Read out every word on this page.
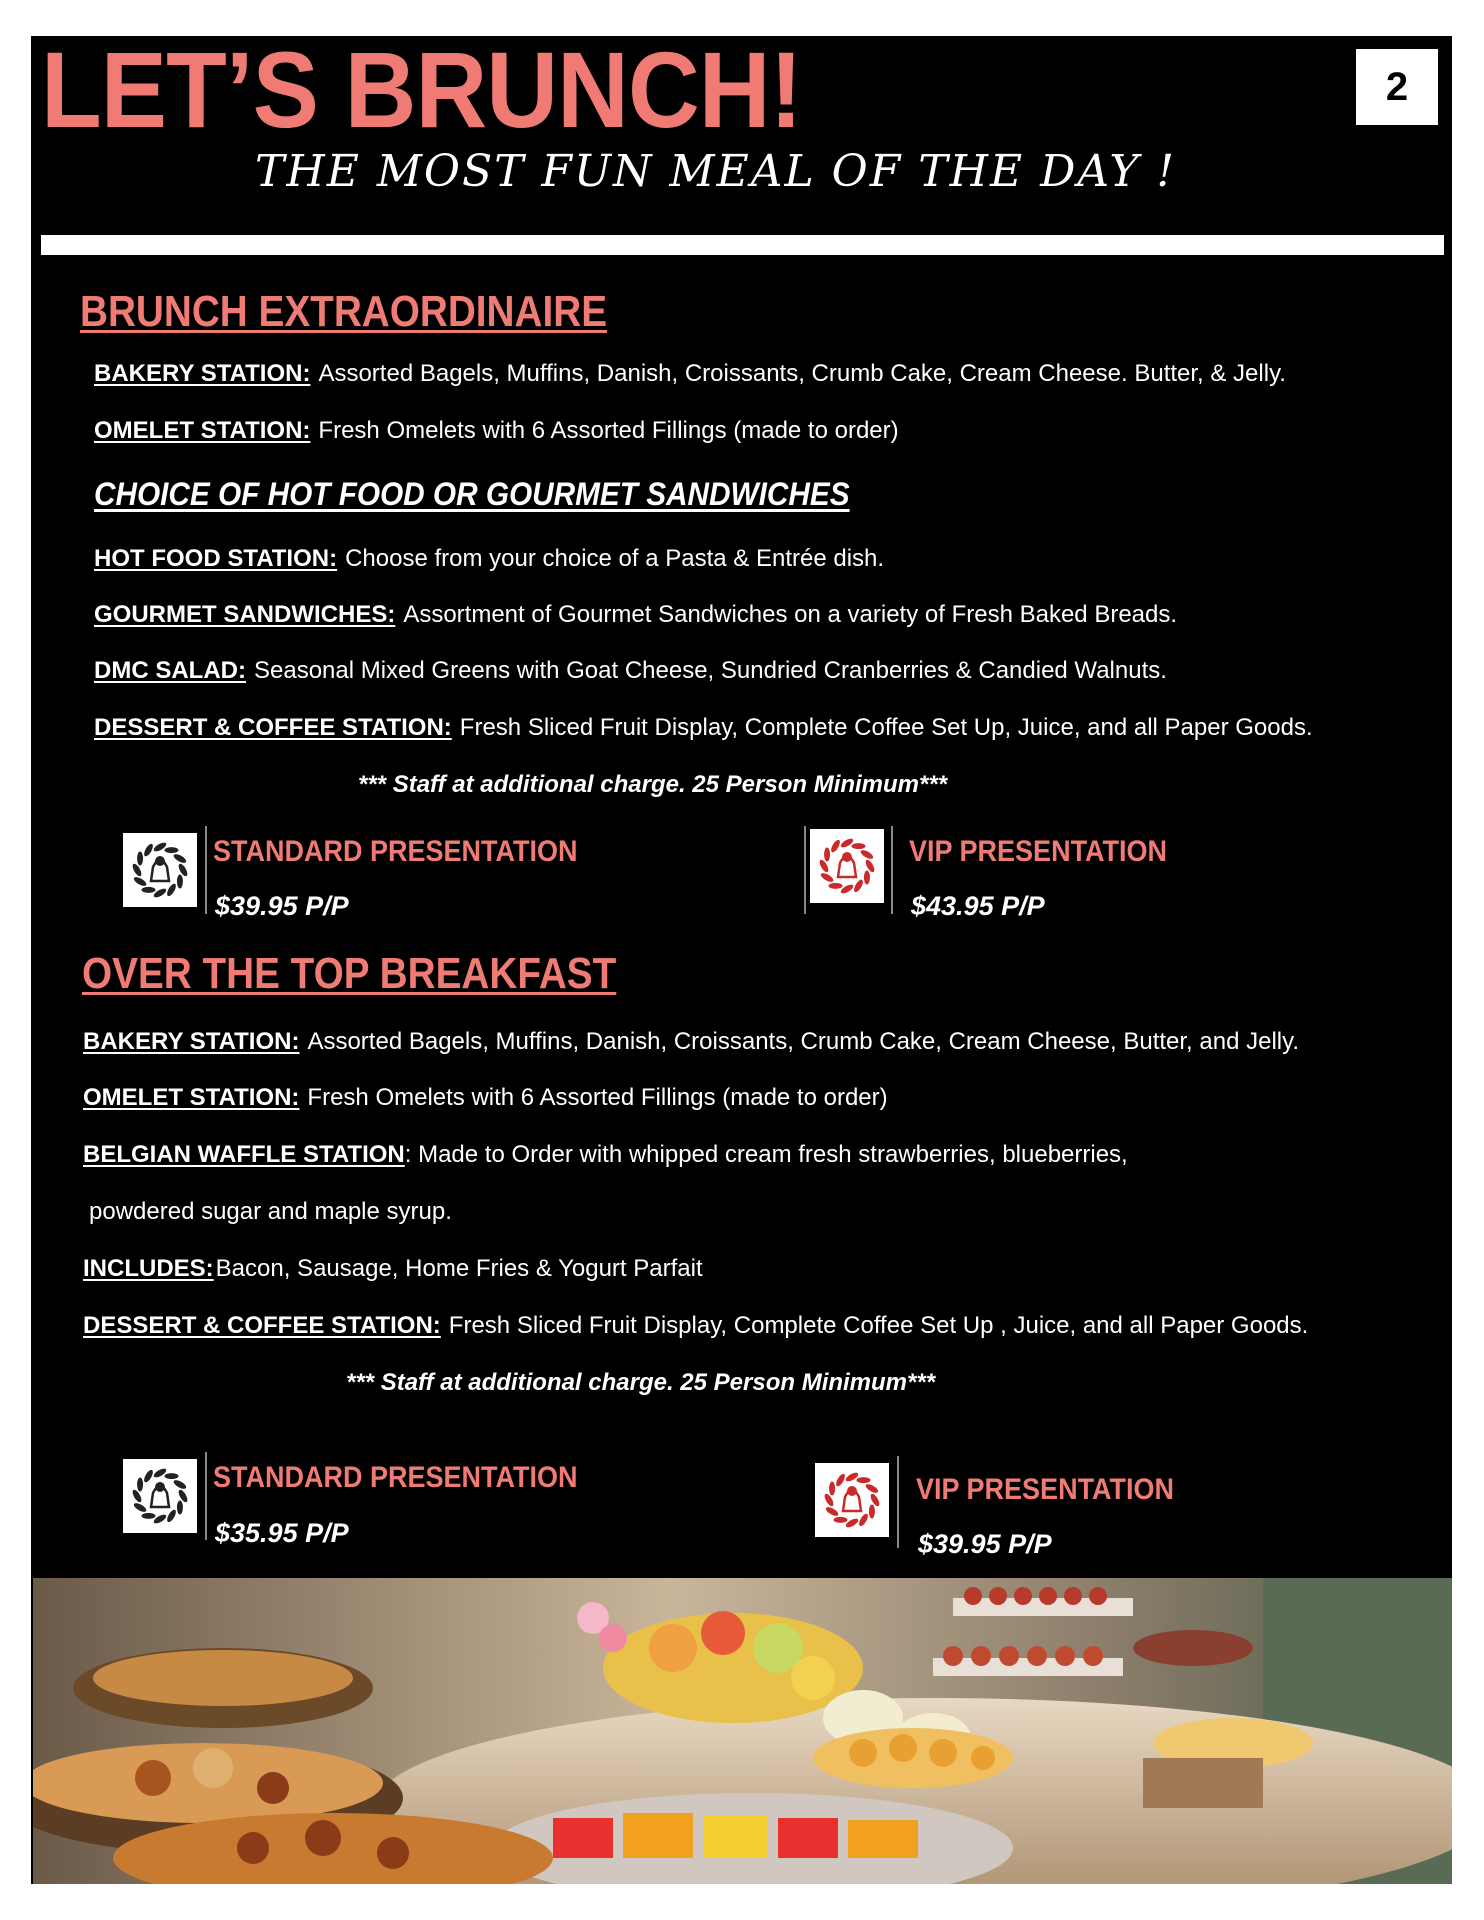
LET’S BRUNCH!
THE MOST FUN MEAL OF THE DAY !
2
BRUNCH EXTRAORDINAIRE
BAKERY STATION: Assorted Bagels, Muffins, Danish, Croissants, Crumb Cake, Cream Cheese. Butter, & Jelly.
OMELET STATION: Fresh Omelets with 6 Assorted Fillings (made to order)
CHOICE OF HOT FOOD OR GOURMET SANDWICHES
HOT FOOD STATION: Choose from your choice of a Pasta & Entrée dish.
GOURMET SANDWICHES: Assortment of Gourmet Sandwiches on a variety of Fresh Baked Breads.
DMC SALAD: Seasonal Mixed Greens with Goat Cheese, Sundried Cranberries & Candied Walnuts.
DESSERT & COFFEE STATION: Fresh Sliced Fruit Display, Complete Coffee Set Up, Juice, and all Paper Goods.
*** Staff at additional charge. 25 Person Minimum***
STANDARD PRESENTATION
$39.95 P/P
VIP PRESENTATION
$43.95 P/P
OVER THE TOP BREAKFAST
BAKERY STATION: Assorted Bagels, Muffins, Danish, Croissants, Crumb Cake, Cream Cheese, Butter, and Jelly.
OMELET STATION: Fresh Omelets with 6 Assorted Fillings (made to order)
BELGIAN WAFFLE STATION: Made to Order with whipped cream fresh strawberries, blueberries,
powdered sugar and maple syrup.
INCLUDES:Bacon, Sausage, Home Fries & Yogurt Parfait
DESSERT & COFFEE STATION: Fresh Sliced Fruit Display, Complete Coffee Set Up , Juice, and all Paper Goods.
*** Staff at additional charge. 25 Person Minimum***
STANDARD PRESENTATION
$35.95 P/P
VIP PRESENTATION
$39.95 P/P
